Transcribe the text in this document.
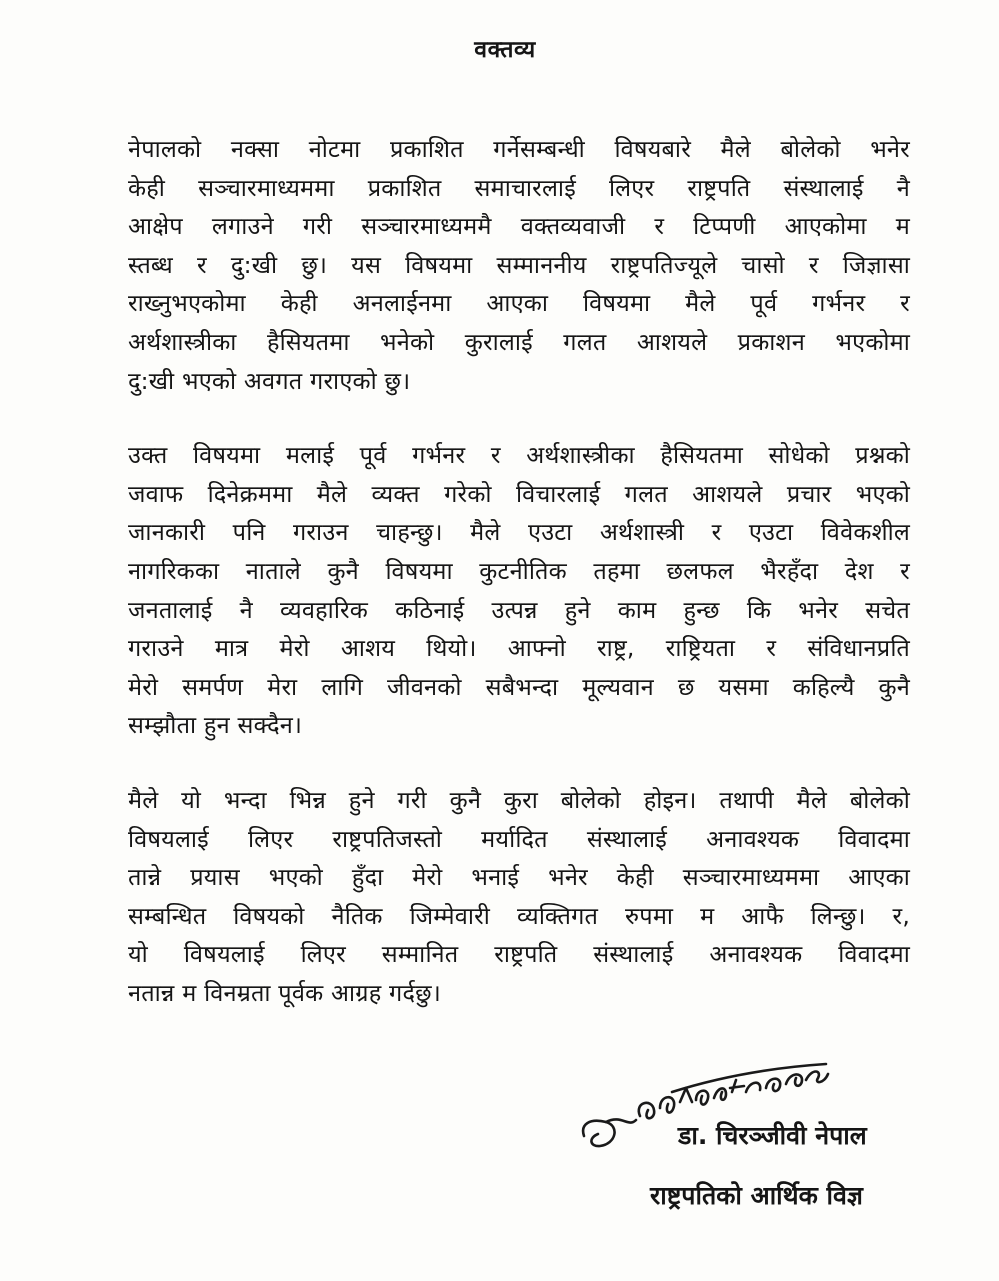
वक्तव्य
नेपालको नक्सा नोटमा प्रकाशित गर्नेसम्बन्धी विषयबारे मैले बोलेको भनेर
केही सञ्चारमाध्यममा प्रकाशित समाचारलाई लिएर राष्ट्रपति संस्थालाई नै
आक्षेप लगाउने गरी सञ्चारमाध्यममै वक्तव्यवाजी र टिप्पणी आएकोमा म
स्तब्ध र दु:खी छु। यस विषयमा सम्माननीय राष्ट्रपतिज्यूले चासो र जिज्ञासा
राख्नुभएकोमा केही अनलाईनमा आएका विषयमा मैले पूर्व गर्भनर र
अर्थशास्त्रीका हैसियतमा भनेको कुरालाई गलत आशयले प्रकाशन भएकोमा
दु:खी भएको अवगत गराएको छु।
उक्त विषयमा मलाई पूर्व गर्भनर र अर्थशास्त्रीका हैसियतमा सोधेको प्रश्नको
जवाफ दिनेक्रममा मैले व्यक्त गरेको विचारलाई गलत आशयले प्रचार भएको
जानकारी पनि गराउन चाहन्छु। मैले एउटा अर्थशास्त्री र एउटा विवेकशील
नागरिकका नाताले कुनै विषयमा कुटनीतिक तहमा छलफल भैरहँदा देश र
जनतालाई नै व्यवहारिक कठिनाई उत्पन्न हुने काम हुन्छ कि भनेर सचेत
गराउने मात्र मेरो आशय थियो। आफ्नो राष्ट्र, राष्ट्रियता र संविधानप्रति
मेरो समर्पण मेरा लागि जीवनको सबैभन्दा मूल्यवान छ यसमा कहिल्यै कुनै
सम्झौता हुन सक्दैन।
मैले यो भन्दा भिन्न हुने गरी कुनै कुरा बोलेको होइन। तथापी मैले बोलेको
विषयलाई लिएर राष्ट्रपतिजस्तो मर्यादित संस्थालाई अनावश्यक विवादमा
तान्ने प्रयास भएको हुँदा मेरो भनाई भनेर केही सञ्चारमाध्यममा आएका
सम्बन्धित विषयको नैतिक जिम्मेवारी व्यक्तिगत रुपमा म आफै लिन्छु। र,
यो विषयलाई लिएर सम्मानित राष्ट्रपति संस्थालाई अनावश्यक विवादमा
नतान्न म विनम्रता पूर्वक आग्रह गर्दछु।
डा. चिरञ्जीवी नेपाल
राष्ट्रपतिको आर्थिक विज्ञ
